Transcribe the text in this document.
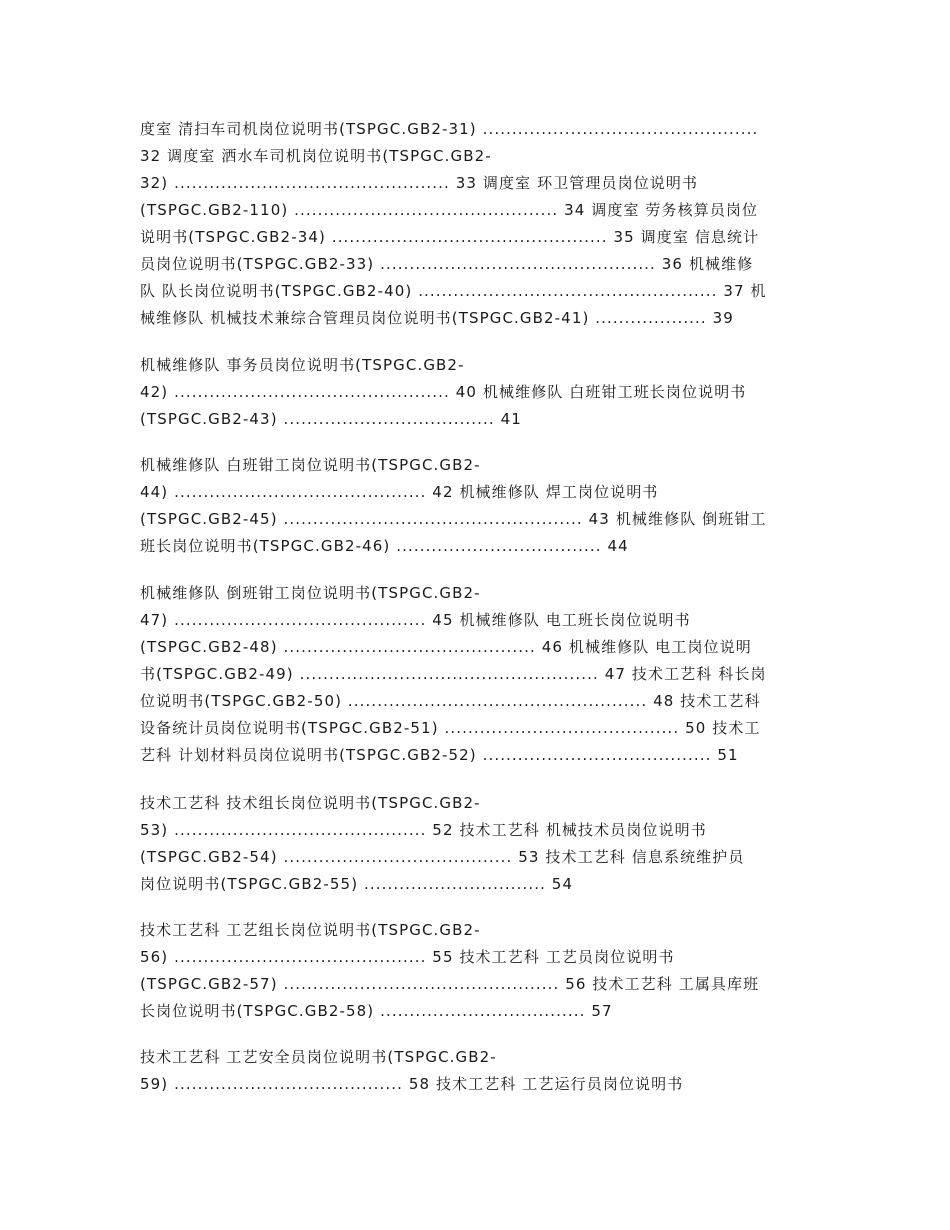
度室 清扫车司机岗位说明书(TSPGC.GB2-31) ...............................................
32 调度室 洒水车司机岗位说明书(TSPGC.GB2-
32) ............................................... 33 调度室 环卫管理员岗位说明书
(TSPGC.GB2-110) ............................................. 34 调度室 劳务核算员岗位
说明书(TSPGC.GB2-34) ............................................... 35 调度室 信息统计
员岗位说明书(TSPGC.GB2-33) ............................................... 36 机械维修
队 队长岗位说明书(TSPGC.GB2-40) ................................................... 37 机
械维修队 机械技术兼综合管理员岗位说明书(TSPGC.GB2-41) ................... 39
机械维修队 事务员岗位说明书(TSPGC.GB2-
42) ............................................... 40 机械维修队 白班钳工班长岗位说明书
(TSPGC.GB2-43) .................................... 41
机械维修队 白班钳工岗位说明书(TSPGC.GB2-
44) ........................................... 42 机械维修队 焊工岗位说明书
(TSPGC.GB2-45) ................................................... 43 机械维修队 倒班钳工
班长岗位说明书(TSPGC.GB2-46) ................................... 44
机械维修队 倒班钳工岗位说明书(TSPGC.GB2-
47) ........................................... 45 机械维修队 电工班长岗位说明书
(TSPGC.GB2-48) ........................................... 46 机械维修队 电工岗位说明
书(TSPGC.GB2-49) ................................................... 47 技术工艺科 科长岗
位说明书(TSPGC.GB2-50) ................................................... 48 技术工艺科
设备统计员岗位说明书(TSPGC.GB2-51) ........................................ 50 技术工
艺科 计划材料员岗位说明书(TSPGC.GB2-52) ....................................... 51
技术工艺科 技术组长岗位说明书(TSPGC.GB2-
53) ........................................... 52 技术工艺科 机械技术员岗位说明书
(TSPGC.GB2-54) ....................................... 53 技术工艺科 信息系统维护员
岗位说明书(TSPGC.GB2-55) ............................... 54
技术工艺科 工艺组长岗位说明书(TSPGC.GB2-
56) ........................................... 55 技术工艺科 工艺员岗位说明书
(TSPGC.GB2-57) ............................................... 56 技术工艺科 工属具库班
长岗位说明书(TSPGC.GB2-58) ................................... 57
技术工艺科 工艺安全员岗位说明书(TSPGC.GB2-
59) ....................................... 58 技术工艺科 工艺运行员岗位说明书
